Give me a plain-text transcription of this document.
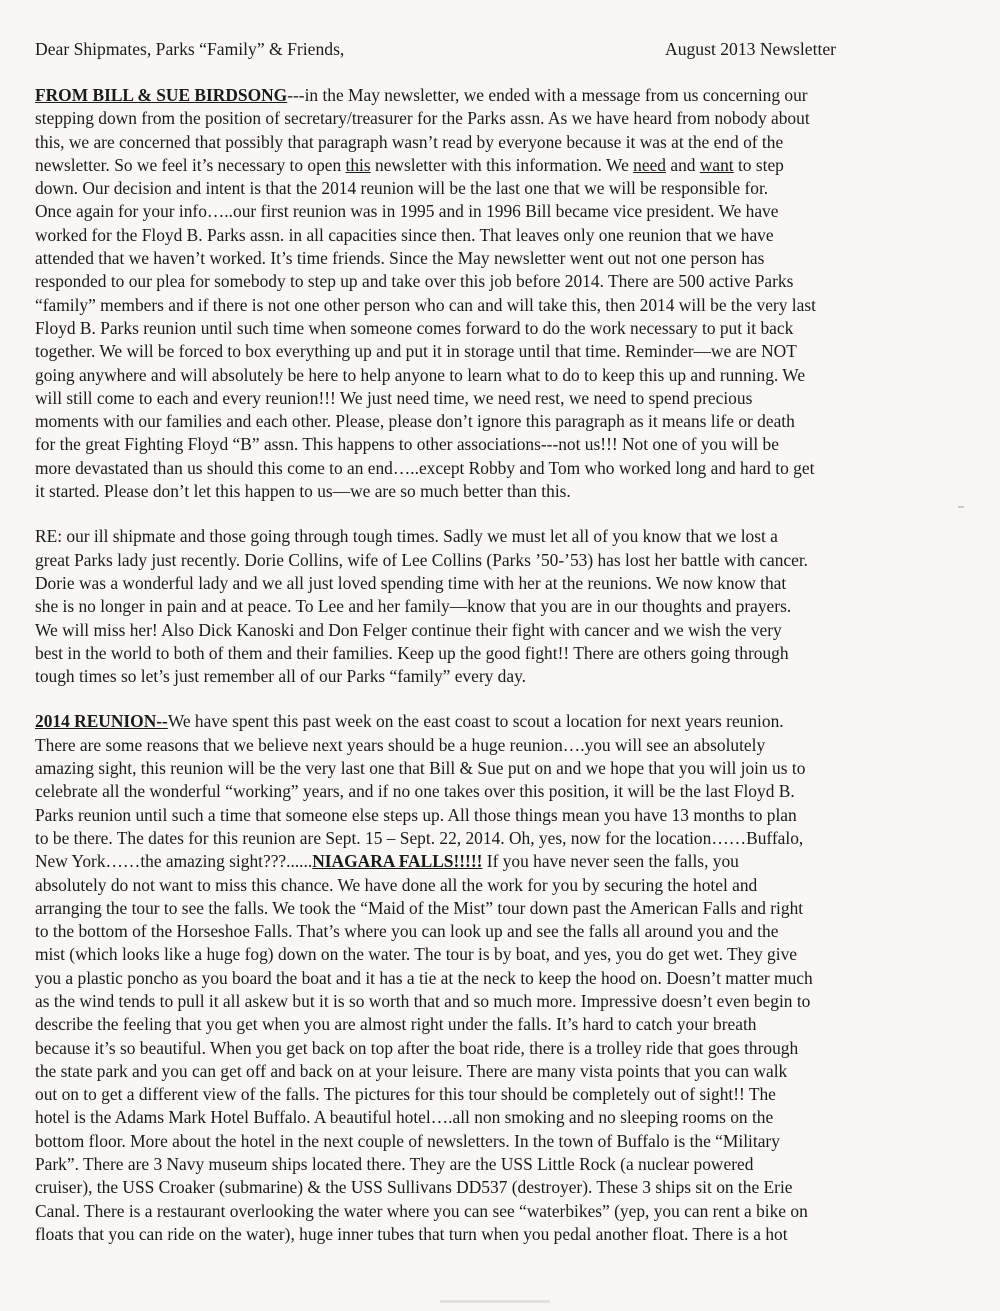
Dear Shipmates, Parks “Family” & Friends,	August 2013 Newsletter
FROM BILL & SUE BIRDSONG---in the May newsletter, we ended with a message from us concerning our
stepping down from the position of secretary/treasurer for the Parks assn. As we have heard from nobody about
this, we are concerned that possibly that paragraph wasn’t read by everyone because it was at the end of the
newsletter. So we feel it’s necessary to open this newsletter with this information. We need and want to step
down. Our decision and intent is that the 2014 reunion will be the last one that we will be responsible for.
Once again for your info…..our first reunion was in 1995 and in 1996 Bill became vice president. We have
worked for the Floyd B. Parks assn. in all capacities since then. That leaves only one reunion that we have
attended that we haven’t worked. It’s time friends. Since the May newsletter went out not one person has
responded to our plea for somebody to step up and take over this job before 2014. There are 500 active Parks
“family” members and if there is not one other person who can and will take this, then 2014 will be the very last
Floyd B. Parks reunion until such time when someone comes forward to do the work necessary to put it back
together. We will be forced to box everything up and put it in storage until that time. Reminder—we are NOT
going anywhere and will absolutely be here to help anyone to learn what to do to keep this up and running. We
will still come to each and every reunion!!! We just need time, we need rest, we need to spend precious
moments with our families and each other. Please, please don’t ignore this paragraph as it means life or death
for the great Fighting Floyd “B” assn. This happens to other associations---not us!!! Not one of you will be
more devastated than us should this come to an end…..except Robby and Tom who worked long and hard to get
it started. Please don’t let this happen to us—we are so much better than this.
RE: our ill shipmate and those going through tough times. Sadly we must let all of you know that we lost a
great Parks lady just recently. Dorie Collins, wife of Lee Collins (Parks ’50-’53) has lost her battle with cancer.
Dorie was a wonderful lady and we all just loved spending time with her at the reunions. We now know that
she is no longer in pain and at peace. To Lee and her family—know that you are in our thoughts and prayers.
We will miss her! Also Dick Kanoski and Don Felger continue their fight with cancer and we wish the very
best in the world to both of them and their families. Keep up the good fight!! There are others going through
tough times so let’s just remember all of our Parks “family” every day.
2014 REUNION--We have spent this past week on the east coast to scout a location for next years reunion.
There are some reasons that we believe next years should be a huge reunion….you will see an absolutely
amazing sight, this reunion will be the very last one that Bill & Sue put on and we hope that you will join us to
celebrate all the wonderful “working” years, and if no one takes over this position, it will be the last Floyd B.
Parks reunion until such a time that someone else steps up. All those things mean you have 13 months to plan
to be there. The dates for this reunion are Sept. 15 – Sept. 22, 2014. Oh, yes, now for the location……Buffalo,
New York……the amazing sight???......NIAGARA FALLS!!!!! If you have never seen the falls, you
absolutely do not want to miss this chance. We have done all the work for you by securing the hotel and
arranging the tour to see the falls. We took the “Maid of the Mist” tour down past the American Falls and right
to the bottom of the Horseshoe Falls. That’s where you can look up and see the falls all around you and the
mist (which looks like a huge fog) down on the water. The tour is by boat, and yes, you do get wet. They give
you a plastic poncho as you board the boat and it has a tie at the neck to keep the hood on. Doesn’t matter much
as the wind tends to pull it all askew but it is so worth that and so much more. Impressive doesn’t even begin to
describe the feeling that you get when you are almost right under the falls. It’s hard to catch your breath
because it’s so beautiful. When you get back on top after the boat ride, there is a trolley ride that goes through
the state park and you can get off and back on at your leisure. There are many vista points that you can walk
out on to get a different view of the falls. The pictures for this tour should be completely out of sight!! The
hotel is the Adams Mark Hotel Buffalo. A beautiful hotel….all non smoking and no sleeping rooms on the
bottom floor. More about the hotel in the next couple of newsletters. In the town of Buffalo is the “Military
Park”. There are 3 Navy museum ships located there. They are the USS Little Rock (a nuclear powered
cruiser), the USS Croaker (submarine) & the USS Sullivans DD537 (destroyer). These 3 ships sit on the Erie
Canal. There is a restaurant overlooking the water where you can see “waterbikes” (yep, you can rent a bike on
floats that you can ride on the water), huge inner tubes that turn when you pedal another float. There is a hot
